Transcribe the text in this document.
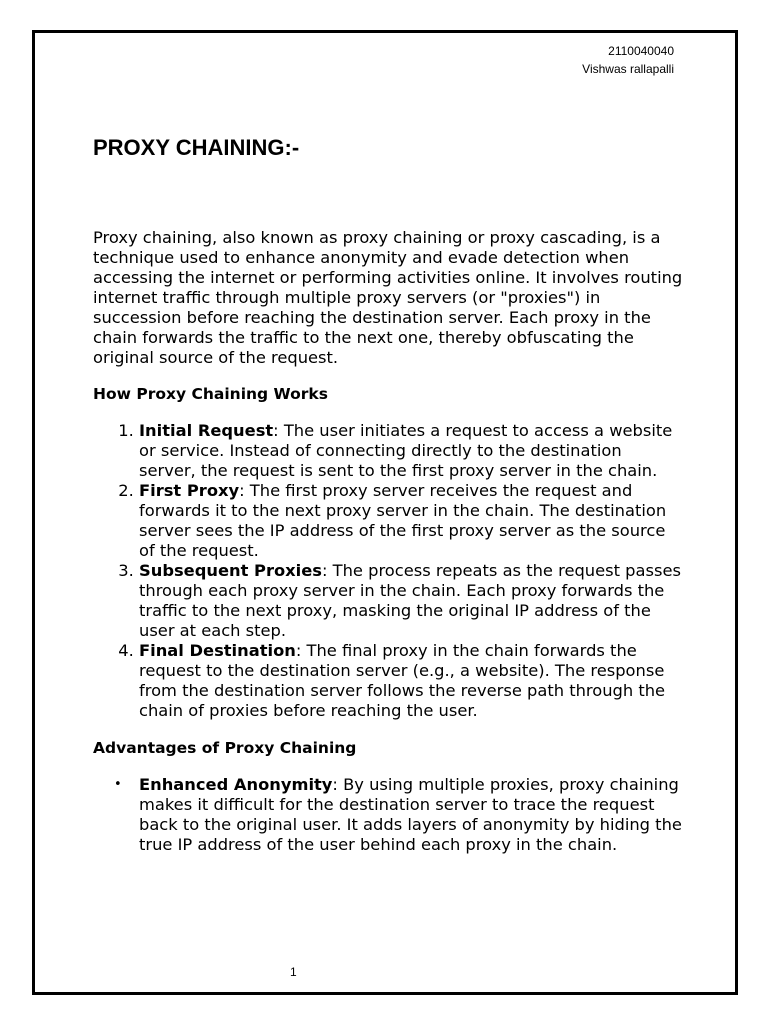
2110040040
Vishwas rallapalli
PROXY CHAINING:-

Proxy chaining, also known as proxy chaining or proxy cascading, is a technique used to enhance anonymity and evade detection when accessing the internet or performing activities online. It involves routing internet traffic through multiple proxy servers (or "proxies") in succession before reaching the destination server. Each proxy in the chain forwards the traffic to the next one, thereby obfuscating the original source of the request.

How Proxy Chaining Works
1. Initial Request: The user initiates a request to access a website or service. Instead of connecting directly to the destination server, the request is sent to the first proxy server in the chain.
2. First Proxy: The first proxy server receives the request and forwards it to the next proxy server in the chain. The destination server sees the IP address of the first proxy server as the source of the request.
3. Subsequent Proxies: The process repeats as the request passes through each proxy server in the chain. Each proxy forwards the traffic to the next proxy, masking the original IP address of the user at each step.
4. Final Destination: The final proxy in the chain forwards the request to the destination server (e.g., a website). The response from the destination server follows the reverse path through the chain of proxies before reaching the user.
Advantages of Proxy Chaining
• Enhanced Anonymity: By using multiple proxies, proxy chaining makes it difficult for the destination server to trace the request back to the original user. It adds layers of anonymity by hiding the true IP address of the user behind each proxy in the chain.
1
